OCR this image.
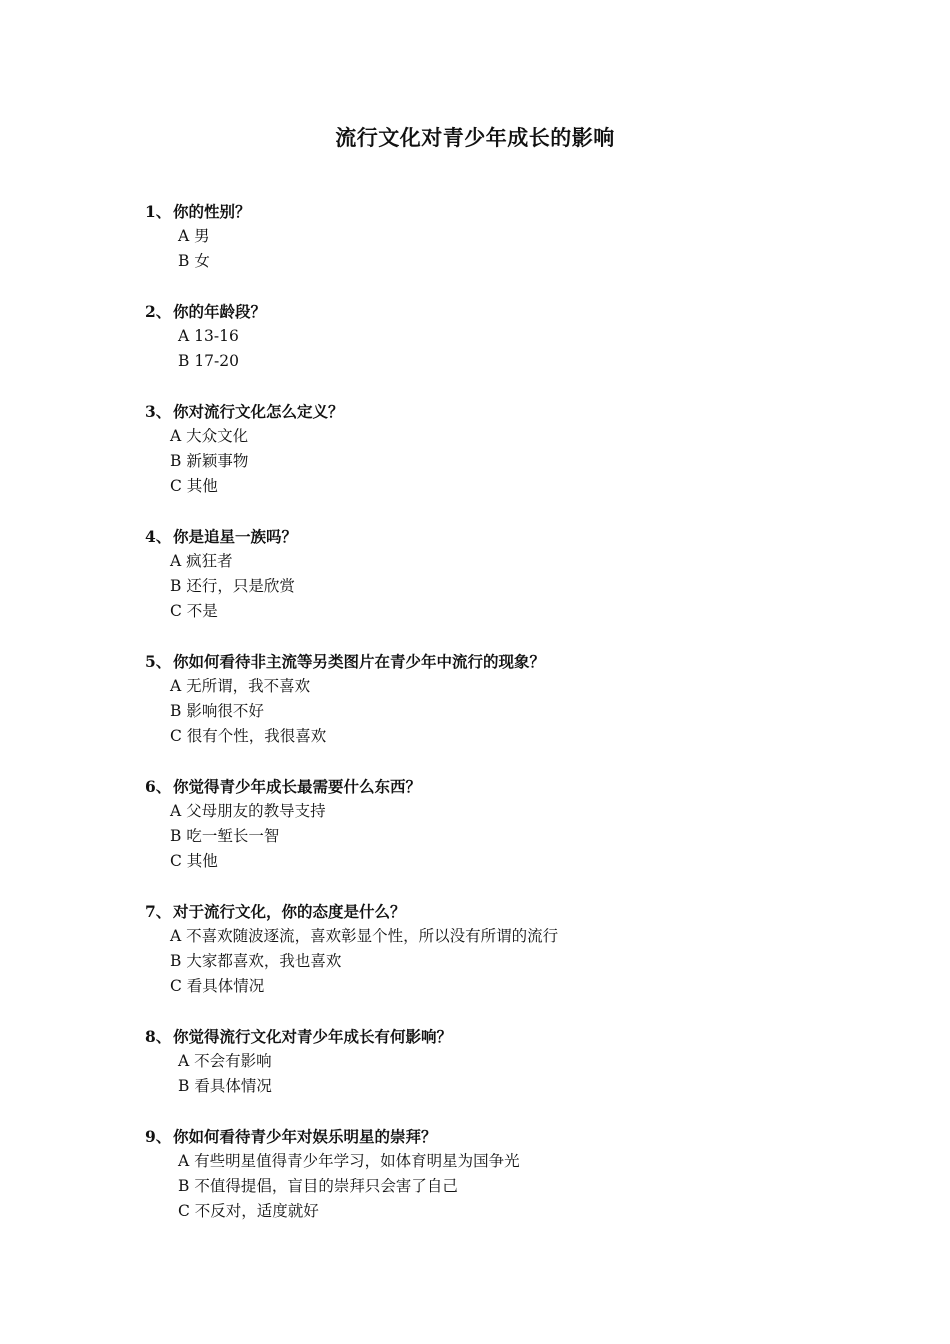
流行文化对青少年成长的影响
1、 你的性别？
A 男
B 女
2、 你的年龄段？
A 13-16
B 17-20
3、 你对流行文化怎么定义？
A 大众文化
B 新颖事物
C 其他
4、 你是追星一族吗？
A 疯狂者
B 还行，只是欣赏
C 不是
5、 你如何看待非主流等另类图片在青少年中流行的现象？
A 无所谓，我不喜欢
B 影响很不好
C 很有个性，我很喜欢
6、 你觉得青少年成长最需要什么东西？
A 父母朋友的教导支持
B 吃一堑长一智
C 其他
7、 对于流行文化，你的态度是什么？
A 不喜欢随波逐流，喜欢彰显个性，所以没有所谓的流行
B 大家都喜欢，我也喜欢
C 看具体情况
8、 你觉得流行文化对青少年成长有何影响？
A 不会有影响
B 看具体情况
9、 你如何看待青少年对娱乐明星的崇拜？
A 有些明星值得青少年学习，如体育明星为国争光
B 不值得提倡，盲目的崇拜只会害了自己
C 不反对，适度就好
